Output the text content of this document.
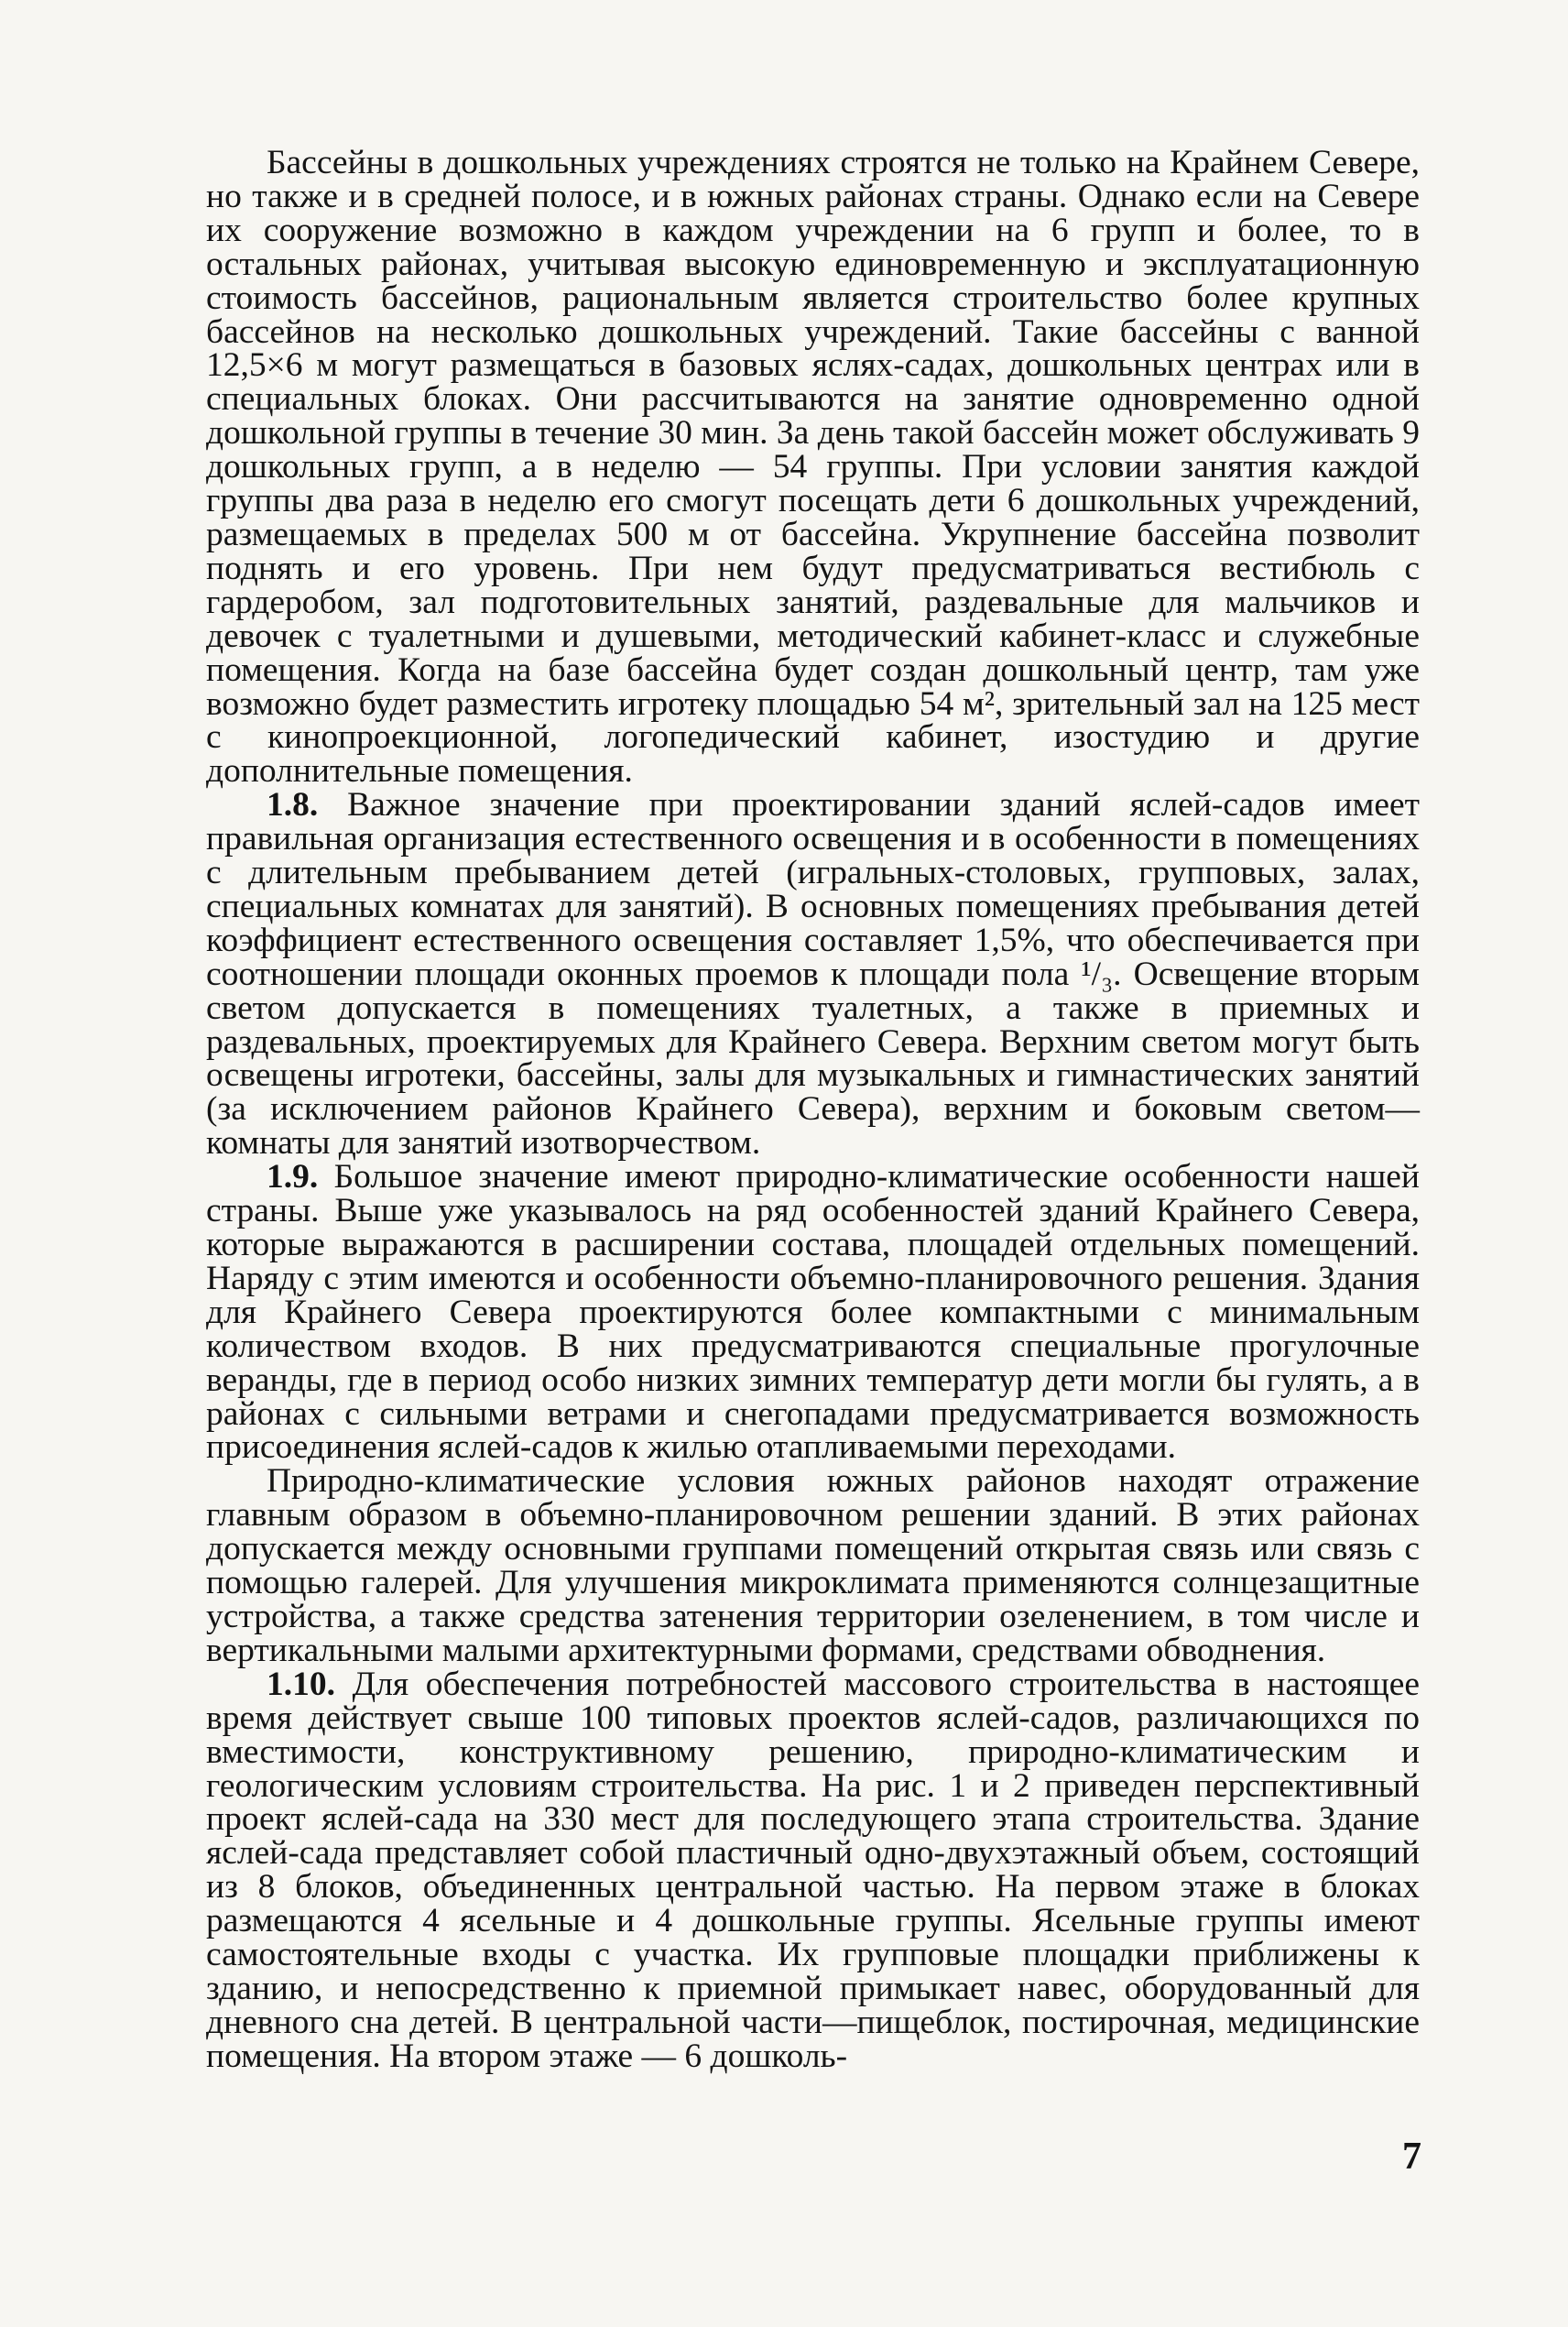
Бассейны в дошкольных учреждениях строятся не только на Крайнем Севере, но также и в средней полосе, и в южных районах страны. Однако если на Севере их сооружение возможно в каждом учреждении на 6 групп и более, то в остальных районах, учитывая высокую единовременную и эксплуатационную стоимость бассейнов, рациональным является строительство более крупных бассейнов на несколько дошкольных учреждений. Такие бассейны с ванной 12,5×6 м могут размещаться в базовых яслях-садах, дошкольных центрах или в специальных блоках. Они рассчитываются на занятие одновременно одной дошкольной группы в течение 30 мин. За день такой бассейн может обслуживать 9 дошкольных групп, а в неделю — 54 группы. При условии занятия каждой группы два раза в неделю его смогут посещать дети 6 дошкольных учреждений, размещаемых в пределах 500 м от бассейна. Укрупнение бассейна позволит поднять и его уровень. При нем будут предусматриваться вестибюль с гардеробом, зал подготовительных занятий, раздевальные для мальчиков и девочек с туалетными и душевыми, методический кабинет-класс и служебные помещения. Когда на базе бассейна будет создан дошкольный центр, там уже возможно будет разместить игротеку площадью 54 м², зрительный зал на 125 мест с кинопроекционной, логопедический кабинет, изостудию и другие дополнительные помещения.

1.8. Важное значение при проектировании зданий яслей-садов имеет правильная организация естественного освещения и в особенности в помещениях с длительным пребыванием детей (игральных-столовых, групповых, залах, специальных комнатах для занятий). В основных помещениях пребывания детей коэффициент естественного освещения составляет 1,5%, что обеспечивается при соотношении площади оконных проемов к площади пола ¹/₃. Освещение вторым светом допускается в помещениях туалетных, а также в приемных и раздевальных, проектируемых для Крайнего Севера. Верхним светом могут быть освещены игротеки, бассейны, залы для музыкальных и гимнастических занятий (за исключением районов Крайнего Севера), верхним и боковым светом—комнаты для занятий изотворчеством.

1.9. Большое значение имеют природно-климатические особенности нашей страны. Выше уже указывалось на ряд особенностей зданий Крайнего Севера, которые выражаются в расширении состава, площадей отдельных помещений. Наряду с этим имеются и особенности объемно-планировочного решения. Здания для Крайнего Севера проектируются более компактными с минимальным количеством входов. В них предусматриваются специальные прогулочные веранды, где в период особо низких зимних температур дети могли бы гулять, а в районах с сильными ветрами и снегопадами предусматривается возможность присоединения яслей-садов к жилью отапливаемыми переходами.

Природно-климатические условия южных районов находят отражение главным образом в объемно-планировочном решении зданий. В этих районах допускается между основными группами помещений открытая связь или связь с помощью галерей. Для улучшения микроклимата применяются солнцезащитные устройства, а также средства затенения территории озеленением, в том числе и вертикальными малыми архитектурными формами, средствами обводнения.

1.10. Для обеспечения потребностей массового строительства в настоящее время действует свыше 100 типовых проектов яслей-садов, различающихся по вместимости, конструктивному решению, природно-климатическим и геологическим условиям строительства. На рис. 1 и 2 приведен перспективный проект яслей-сада на 330 мест для последующего этапа строительства. Здание яслей-сада представляет собой пластичный одно-двухэтажный объем, состоящий из 8 блоков, объединенных центральной частью. На первом этаже в блоках размещаются 4 ясельные и 4 дошкольные группы. Ясельные группы имеют самостоятельные входы с участка. Их групповые площадки приближены к зданию, и непосредственно к приемной примыкает навес, оборудованный для дневного сна детей. В центральной части—пищеблок, постирочная, медицинские помещения. На втором этаже — 6 дошколь-

7
